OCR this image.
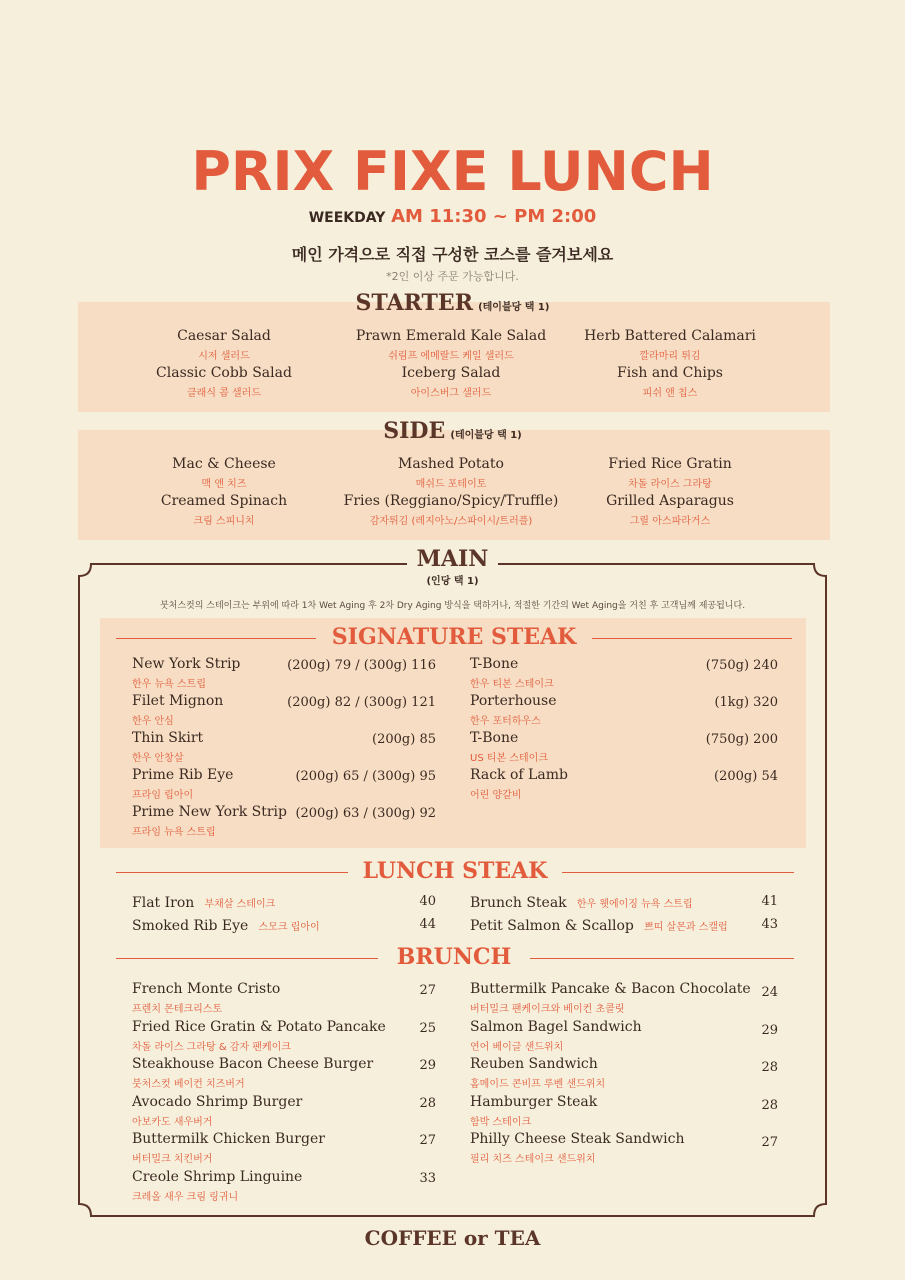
PRIX FIXE LUNCH
WEEKDAY AM 11:30 ~ PM 2:00
메인 가격으로 직접 구성한 코스를 즐겨보세요
*2인 이상 주문 가능합니다.
STARTER (테이블당 택 1)
Caesar Salad
시저 샐러드
Prawn Emerald Kale Salad
쉬림프 에메랄드 케일 샐러드
Herb Battered Calamari
깔라마리 튀김
Classic Cobb Salad
클래식 콥 샐러드
Iceberg Salad
아이스버그 샐러드
Fish and Chips
피쉬 앤 칩스
SIDE (테이블당 택 1)
Mac & Cheese
맥 앤 치즈
Mashed Potato
매쉬드 포테이토
Fried Rice Gratin
차돌 라이스 그라탕
Creamed Spinach
크림 스피니치
Fries (Reggiano/Spicy/Truffle)
감자튀김 (레지아노/스파이시/트러플)
Grilled Asparagus
그릴 아스파라거스
MAIN
(인당 택 1)
붓처스컷의 스테이크는 부위에 따라 1차 Wet Aging 후 2차 Dry Aging 방식을 택하거나, 적절한 기간의 Wet Aging을 거친 후 고객님께 제공됩니다.
SIGNATURE STEAK
New York Strip
한우 뉴욕 스트립
(200g) 79 / (300g) 116
Filet Mignon
한우 안심
(200g) 82 / (300g) 121
Thin Skirt
한우 안창살
(200g) 85
Prime Rib Eye
프라임 립아이
(200g) 65 / (300g) 95
Prime New York Strip
프라임 뉴욕 스트립
(200g) 63 / (300g) 92
T-Bone
한우 티본 스테이크
(750g) 240
Porterhouse
한우 포터하우스
(1kg) 320
T-Bone
US 티본 스테이크
(750g) 200
Rack of Lamb
어린 양갈비
(200g) 54
LUNCH STEAK
Flat Iron 부채살 스테이크	40
Smoked Rib Eye 스모크 립아이	44
Brunch Steak 한우 웻에이징 뉴욕 스트립	41
Petit Salmon & Scallop 쁘띠 살몬과 스캘럽	43
BRUNCH
French Monte Cristo
프렌치 몬테크리스토
27
Fried Rice Gratin & Potato Pancake
차돌 라이스 그라탕 & 감자 팬케이크
25
Steakhouse Bacon Cheese Burger
붓처스컷 베이컨 치즈버거
29
Avocado Shrimp Burger
아보카도 새우버거
28
Buttermilk Chicken Burger
버터밀크 치킨버거
27
Creole Shrimp Linguine
크레올 새우 크림 링귀니
33
Buttermilk Pancake & Bacon Chocolate
버터밀크 팬케이크와 베이컨 초콜릿
24
Salmon Bagel Sandwich
연어 베이글 샌드위치
29
Reuben Sandwich
홈메이드 콘비프 루벤 샌드위치
28
Hamburger Steak
함박 스테이크
28
Philly Cheese Steak Sandwich
필리 치즈 스테이크 샌드위치
27
COFFEE or TEA
